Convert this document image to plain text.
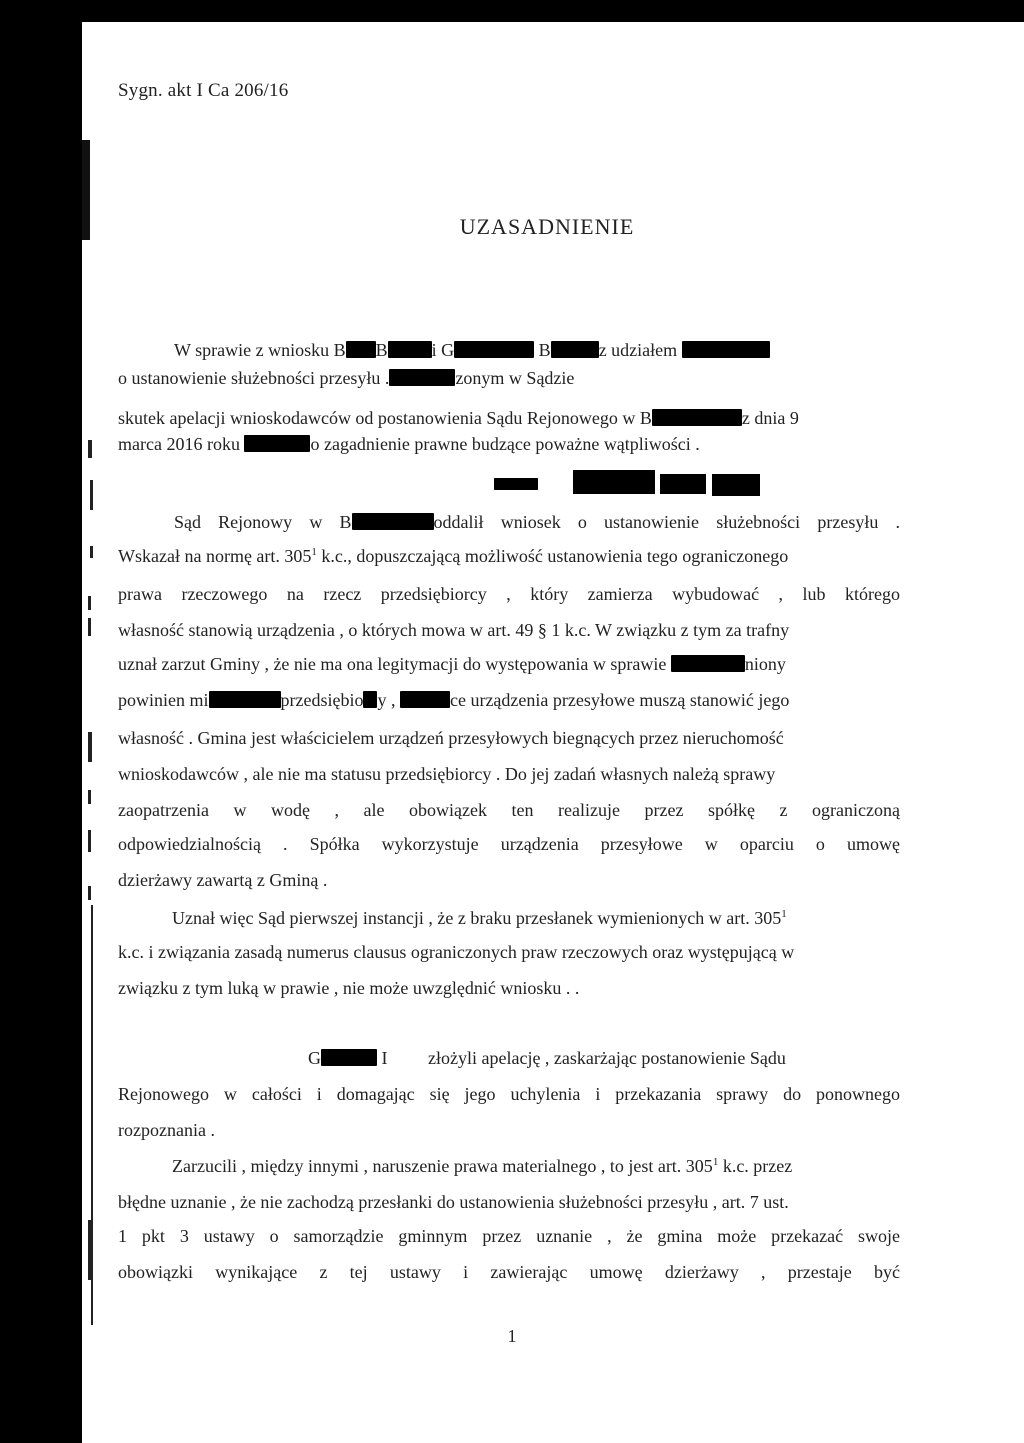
Sygn. akt I Ca 206/16
UZASADNIENIE
W sprawie z wniosku B B i G	B	z udziałem
o ustanowienie służebności przesyłu .	zonym w Sądzie
skutek apelacji wnioskodawców od postanowienia Sądu Rejonowego w B	z dnia 9
marca 2016 roku	o zagadnienie prawne budzące poważne wątpliwości .
Sąd Rejonowy w B	oddalił wniosek o ustanowienie służebności przesyłu .
Wskazał na normę art. $305^1$ k.c., dopuszczającą możliwość ustanowienia tego ograniczonego
prawa rzeczowego na rzecz przedsiębiorcy , który zamierza wybudować , lub którego
własność stanowią urządzenia , o których mowa w art. 49 § 1 k.c. W związku z tym za trafny
uznał zarzut Gminy , że nie ma ona legitymacji do występowania w sprawie	niony
powinien mi	przedsiębio y ,	ce urządzenia przesyłowe muszą stanowić jego
własność . Gmina jest właścicielem urządzeń przesyłowych biegnących przez nieruchomość
wnioskodawców , ale nie ma statusu przedsiębiorcy . Do jej zadań własnych należą sprawy
zaopatrzenia w wodę , ale obowiązek ten realizuje przez spółkę z ograniczoną
odpowiedzialnością . Spółka wykorzystuje urządzenia przesyłowe w oparciu o umowę
dzierżawy zawartą z Gminą .
Uznał więc Sąd pierwszej instancji , że z braku przesłanek wymienionych w art. $305^1$
k.c. i związania zasadą numerus clausus ograniczonych praw rzeczowych oraz występującą w
związku z tym luką w prawie , nie może uwzględnić wniosku . .
G	I złożyli apelację , zaskarżając postanowienie Sądu
Rejonowego w całości i domagając się jego uchylenia i przekazania sprawy do ponownego
rozpoznania .
Zarzucili , między innymi , naruszenie prawa materialnego , to jest art. $305^1$ k.c. przez
błędne uznanie , że nie zachodzą przesłanki do ustanowienia służebności przesyłu , art. 7 ust.
1 pkt 3 ustawy o samorządzie gminnym przez uznanie , że gmina może przekazać swoje
obowiązki wynikające z tej ustawy i zawierając umowę dzierżawy , przestaje być
1
